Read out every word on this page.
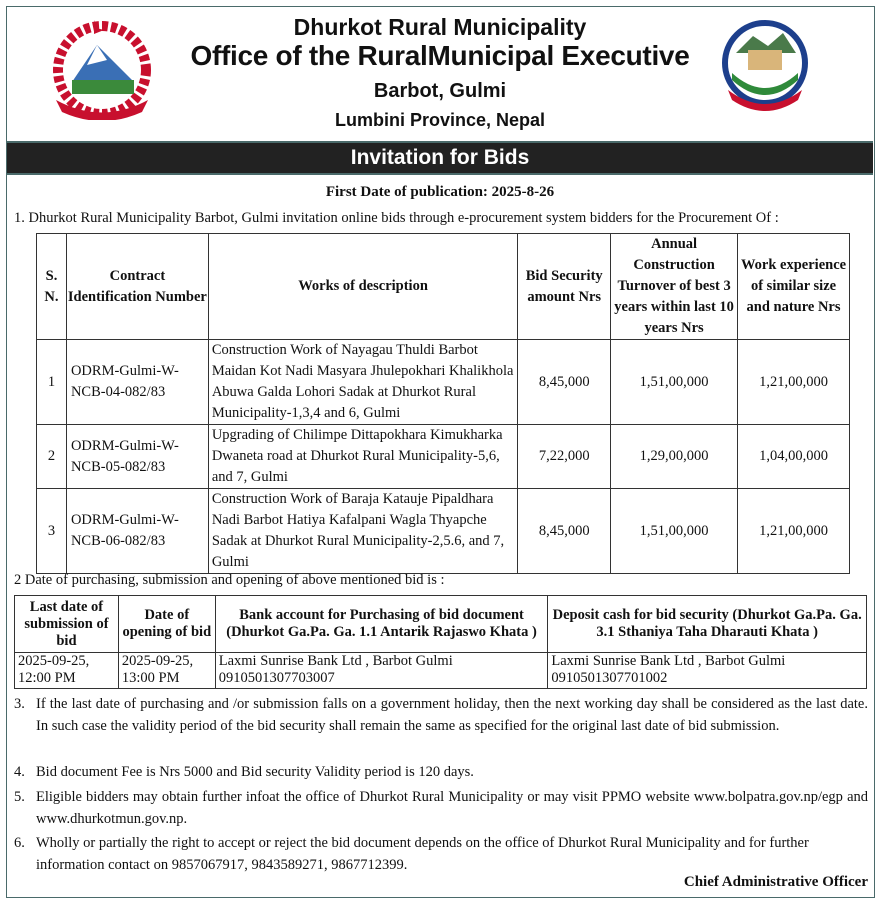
Dhurkot Rural Municipality
Office of the RuralMunicipal Executive
Barbot, Gulmi
Lumbini Province, Nepal
Invitation for Bids
First Date of publication: 2025-8-26
1. Dhurkot Rural Municipality Barbot, Gulmi invitation online bids through e-procurement system bidders for the Procurement Of :
S. N.	Contract Identification Number	Works of description	Bid Security amount Nrs	Annual Construction Turnover of best 3 years within last 10 years Nrs	Work experience of similar size and nature Nrs
1	ODRM-Gulmi-W-NCB-04-082/83	Construction Work of Nayagau Thuldi Barbot Maidan Kot Nadi Masyara Jhulepokhari Khalikhola Abuwa Galda Lohori Sadak at Dhurkot Rural Municipality-1,3,4 and 6, Gulmi	8,45,000	1,51,00,000	1,21,00,000
2	ODRM-Gulmi-W-NCB-05-082/83	Upgrading of Chilimpe Dittapokhara Kimukharka Dwaneta road at Dhurkot Rural Municipality-5,6, and 7, Gulmi	7,22,000	1,29,00,000	1,04,00,000
3	ODRM-Gulmi-W-NCB-06-082/83	Construction Work of Baraja Katauje Pipaldhara Nadi Barbot Hatiya Kafalpani Wagla Thyapche Sadak at Dhurkot Rural Municipality-2,5.6, and 7, Gulmi	8,45,000	1,51,00,000	1,21,00,000
2 Date of purchasing, submission and opening of above mentioned bid is :
Last date of submission of bid	Date of opening of bid	Bank account for Purchasing of bid document (Dhurkot Ga.Pa. Ga. 1.1 Antarik Rajaswo Khata )	Deposit cash for bid security (Dhurkot Ga.Pa. Ga. 3.1 Sthaniya Taha Dharauti Khata )
2025-09-25, 12:00 PM	2025-09-25, 13:00 PM	Laxmi Sunrise Bank Ltd , Barbot Gulmi 0910501307703007	Laxmi Sunrise Bank Ltd , Barbot Gulmi 0910501307701002
3. If the last date of purchasing and /or submission falls on a government holiday, then the next working day shall be considered as the last date. In such case the validity period of the bid security shall remain the same as specified for the original last date of bid submission.
4. Bid document Fee is Nrs 5000 and Bid security Validity period is 120 days.
5. Eligible bidders may obtain further infoat the office of Dhurkot Rural Municipality or may visit PPMO website www.bolpatra.gov.np/egp and www.dhurkotmun.gov.np.
6. Wholly or partially the right to accept or reject the bid document depends on the office of Dhurkot Rural Municipality and for further information contact on 9857067917, 9843589271, 9867712399.
Chief Administrative Officer
